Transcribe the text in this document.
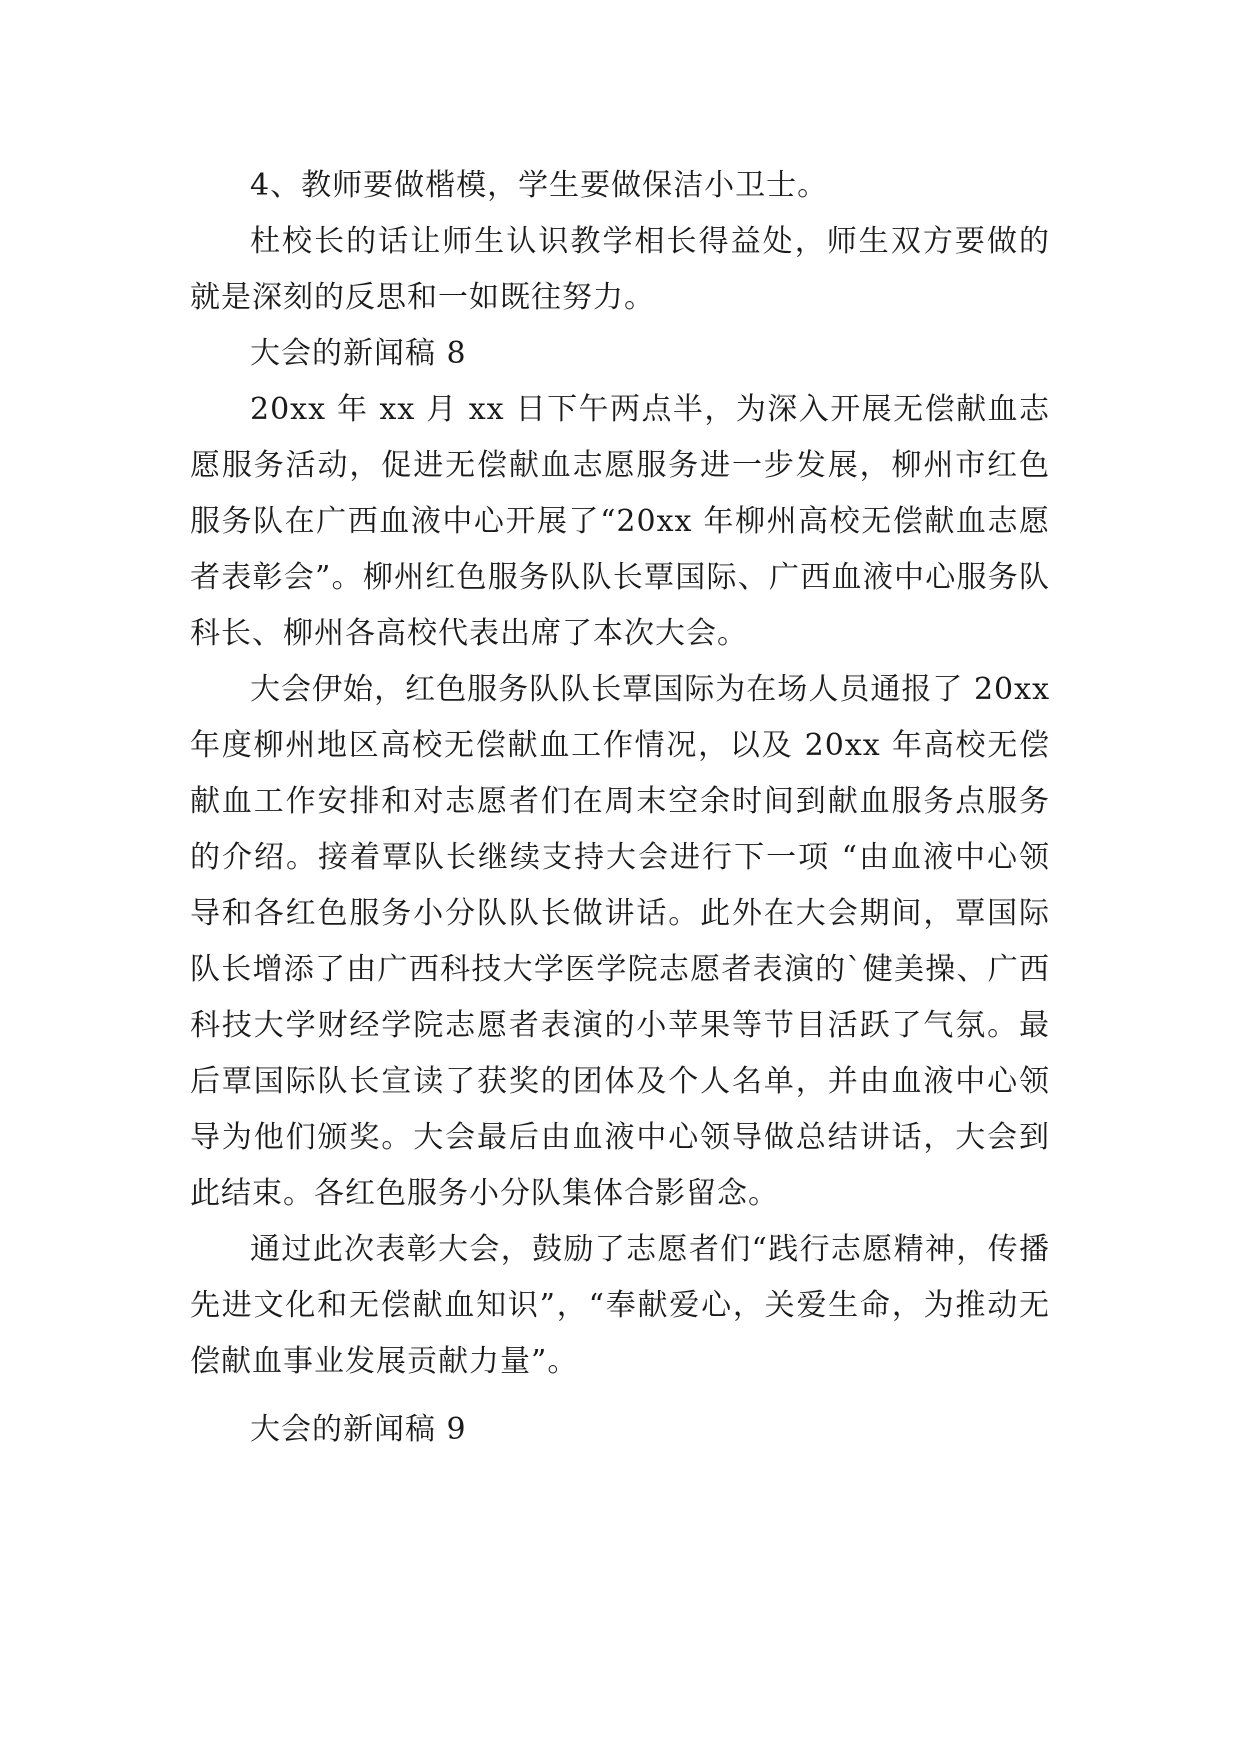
4、教师要做楷模，学生要做保洁小卫士。

杜校长的话让师生认识教学相长得益处，师生双方要做的就是深刻的反思和一如既往努力。

大会的新闻稿 8

20xx 年 xx 月 xx 日下午两点半，为深入开展无偿献血志愿服务活动，促进无偿献血志愿服务进一步发展，柳州市红色服务队在广西血液中心开展了“20xx 年柳州高校无偿献血志愿者表彰会”。柳州红色服务队队长覃国际、广西血液中心服务队科长、柳州各高校代表出席了本次大会。

大会伊始，红色服务队队长覃国际为在场人员通报了 20xx 年度柳州地区高校无偿献血工作情况，以及 20xx 年高校无偿献血工作安排和对志愿者们在周末空余时间到献血服务点服务的介绍。接着覃队长继续支持大会进行下一项 “由血液中心领导和各红色服务小分队队长做讲话。此外在大会期间，覃国际队长增添了由广西科技大学医学院志愿者表演的`健美操、广西科技大学财经学院志愿者表演的小苹果等节目活跃了气氛。最后覃国际队长宣读了获奖的团体及个人名单，并由血液中心领导为他们颁奖。大会最后由血液中心领导做总结讲话，大会到此结束。各红色服务小分队集体合影留念。

通过此次表彰大会，鼓励了志愿者们“践行志愿精神，传播先进文化和无偿献血知识”，“奉献爱心，关爱生命，为推动无偿献血事业发展贡献力量”。

大会的新闻稿 9
